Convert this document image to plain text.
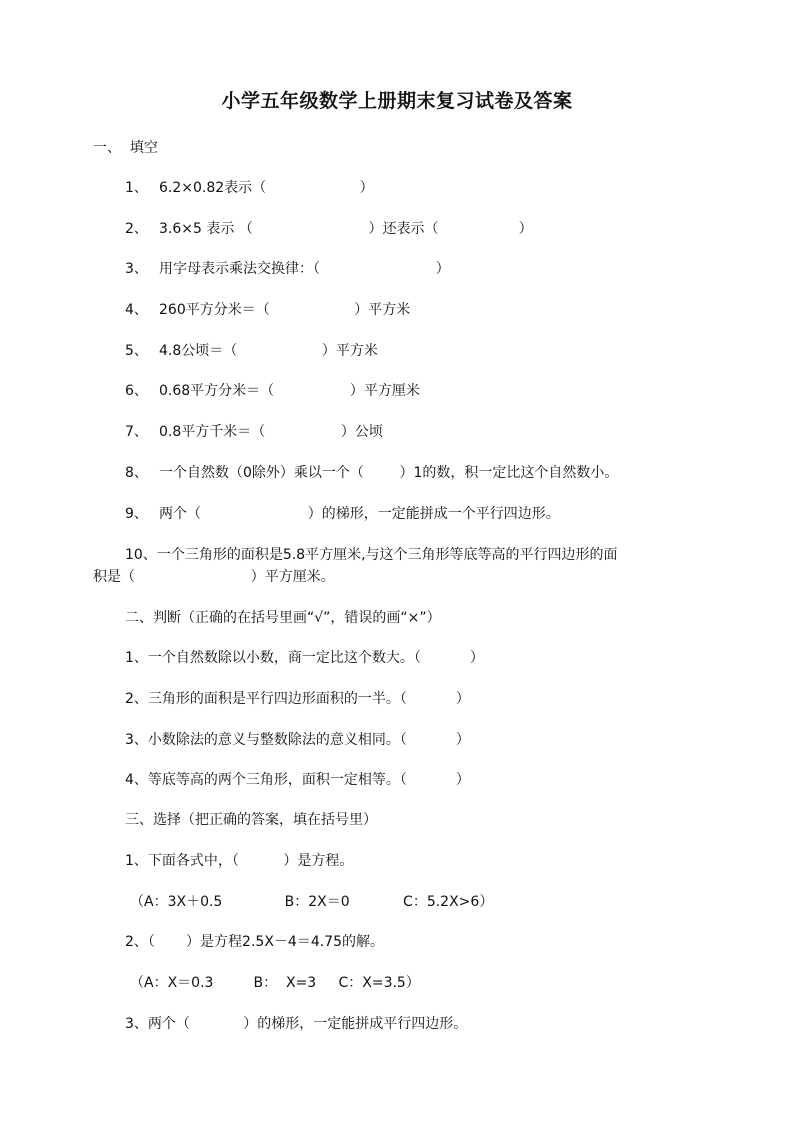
小学五年级数学上册期末复习试卷及答案
一、  填空
1、 6.2×0.82表示（                     ）
2、 3.6×5 表示 （                          ）还表示（                  ）
3、 用字母表示乘法交换律：（                          ）
4、 260平方分米＝（                   ）平方米
5、 4.8公顷＝（                   ）平方米
6、 0.68平方分米＝（                 ）平方厘米
7、 0.8平方千米＝（                 ）公顷
8、 一个自然数（0除外）乘以一个（        ）1的数，积一定比这个自然数小。
9、 两个（                        ）的梯形，一定能拼成一个平行四边形。
10、一个三角形的面积是5.8平方厘米,与这个三角形等底等高的平行四边形的面
积是（                          ）平方厘米。
二、判断（正确的在括号里画“√”，错误的画“×”）
1、一个自然数除以小数，商一定比这个数大。（           ）
2、三角形的面积是平行四边形面积的一半。（           ）
3、小数除法的意义与整数除法的意义相同。（           ）
4、等底等高的两个三角形，面积一定相等。（           ）
三、选择（把正确的答案，填在括号里）
1、下面各式中，（          ）是方程。
（A：3X＋0.5              B：2X＝0            C：5.2X>6）
2、（       ）是方程2.5X－4＝4.75的解。
（A：X＝0.3         B：  X=3     C：X=3.5）
3、两个（            ）的梯形，一定能拼成平行四边形。
